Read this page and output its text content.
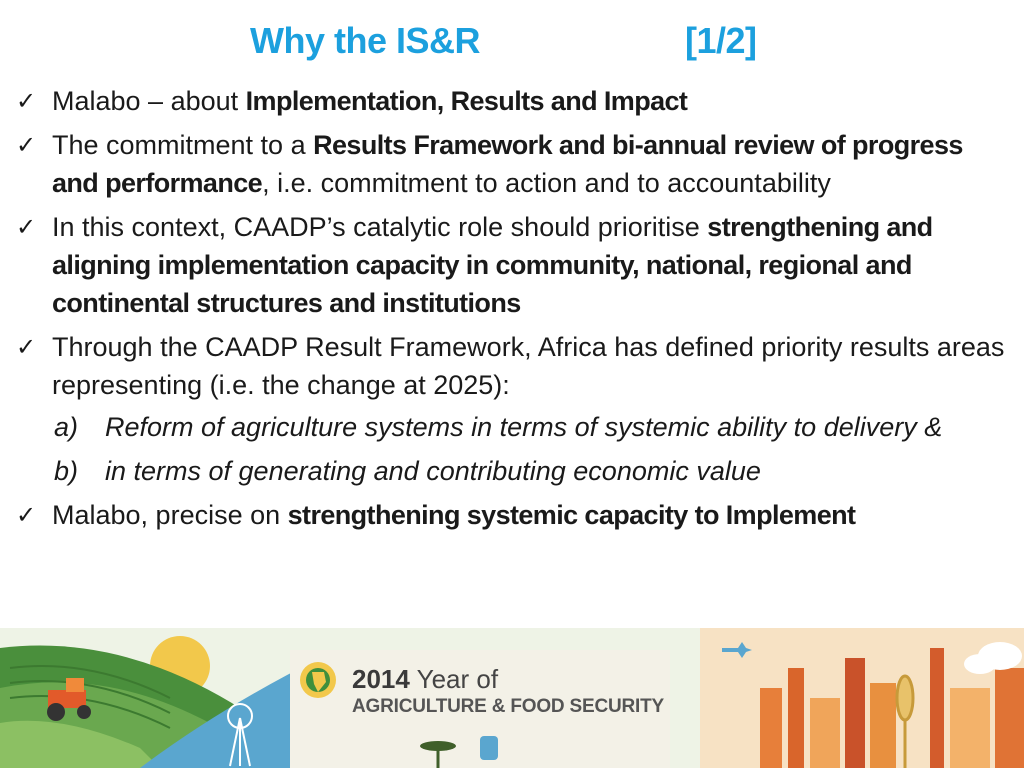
Why the IS&R	[1/2]
✓ Malabo – about Implementation, Results and Impact
✓ The commitment to a Results Framework and bi-annual review of progress and performance, i.e. commitment to action and to accountability
✓ In this context, CAADP’s catalytic role should prioritise strengthening and aligning implementation capacity in community, national, regional and continental structures and institutions
✓ Through the CAADP Result Framework, Africa has defined priority results areas representing (i.e. the change at 2025):
a) Reform of agriculture systems in terms of systemic ability to delivery &
b) in terms of generating and contributing economic value
✓ Malabo, precise on strengthening systemic capacity to Implement
2014 Year of
AGRICULTURE & FOOD SECURITY
